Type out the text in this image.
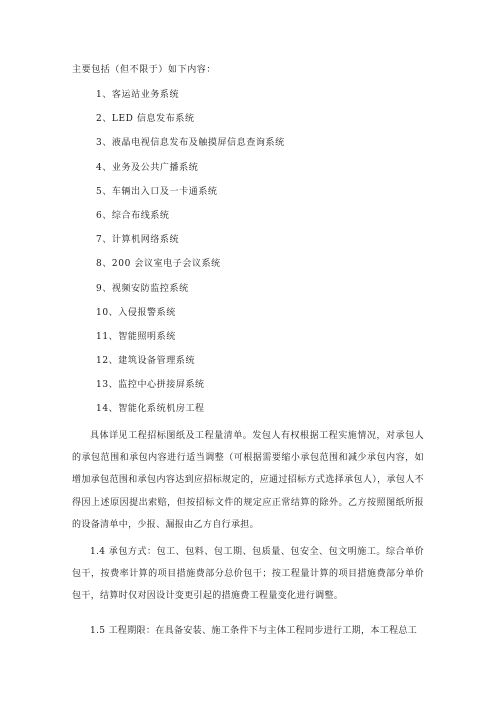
主要包括（但不限于）如下内容：
1、客运站业务系统
2、LED 信息发布系统
3、液晶电视信息发布及触摸屏信息查询系统
4、业务及公共广播系统
5、车辆出入口及一卡通系统
6、综合布线系统
7、计算机网络系统
8、200 会议室电子会议系统
9、视频安防监控系统
10、入侵报警系统
11、智能照明系统
12、建筑设备管理系统
13、监控中心拼接屏系统
14、智能化系统机房工程

具体详见工程招标图纸及工程量清单。发包人有权根据工程实施情况，对承包人的承包范围和承包内容进行适当调整（可根据需要缩小承包范围和减少承包内容，如增加承包范围和承包内容达到应招标规定的，应通过招标方式选择承包人），承包人不得因上述原因提出索赔，但按招标文件的规定应正常结算的除外。乙方按照图纸所报的设备清单中，少报、漏报由乙方自行承担。

1.4 承包方式：包工、包料、包工期、包质量、包安全、包文明施工。综合单价包干，按费率计算的项目措施费部分总价包干；按工程量计算的项目措施费部分单价包干，结算时仅对因设计变更引起的措施费工程量变化进行调整。

1.5 工程期限：在具备安装、施工条件下与主体工程同步进行工期，本工程总工
